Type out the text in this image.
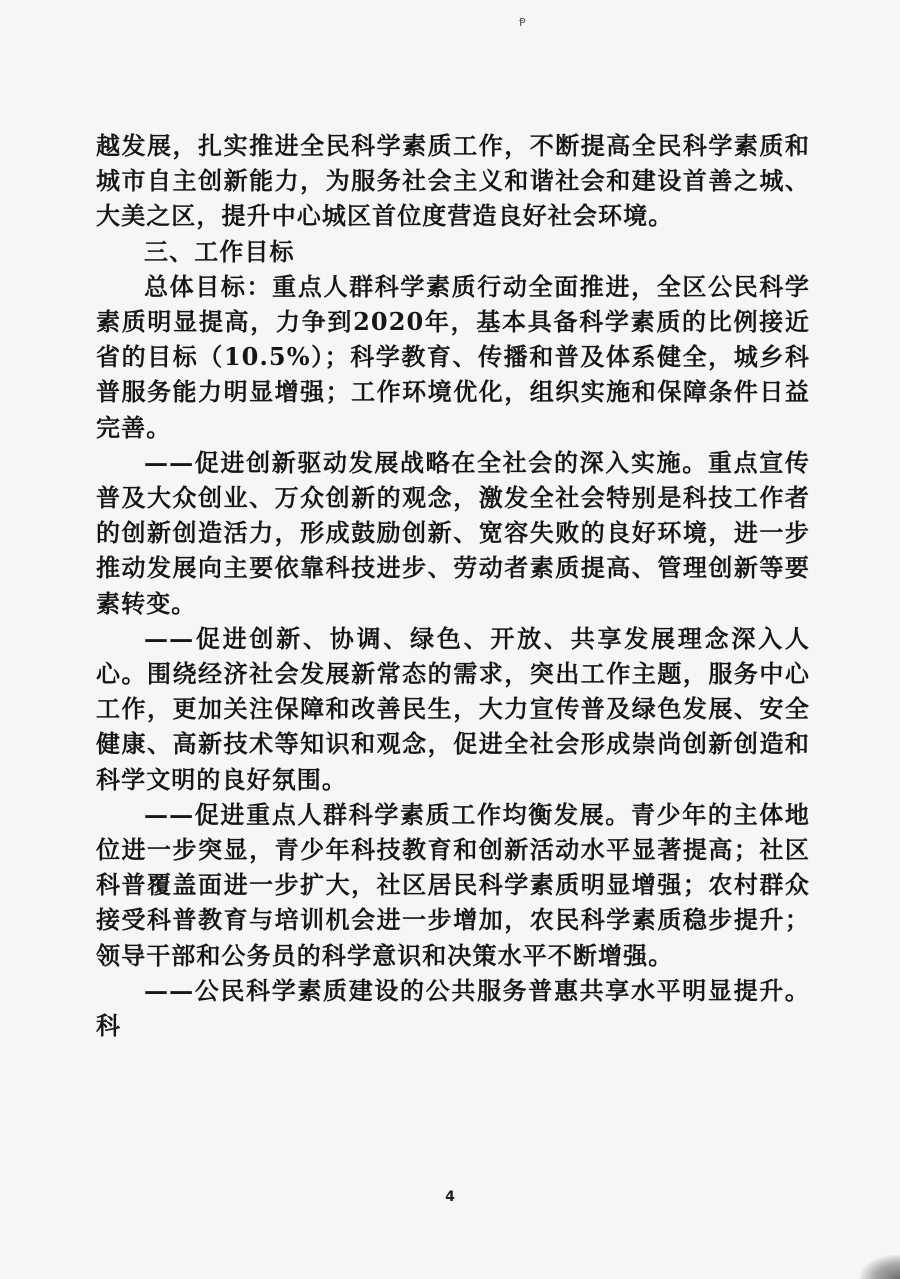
Ᵽ

越发展，扎实推进全民科学素质工作，不断提高全民科学素质和城市自主创新能力，为服务社会主义和谐社会和建设首善之城、大美之区，提升中心城区首位度营造良好社会环境。

三、工作目标

总体目标：重点人群科学素质行动全面推进，全区公民科学素质明显提高，力争到2020年，基本具备科学素质的比例接近省的目标（10.5%）；科学教育、传播和普及体系健全，城乡科普服务能力明显增强；工作环境优化，组织实施和保障条件日益完善。

——促进创新驱动发展战略在全社会的深入实施。重点宣传普及大众创业、万众创新的观念，激发全社会特别是科技工作者的创新创造活力，形成鼓励创新、宽容失败的良好环境，进一步推动发展向主要依靠科技进步、劳动者素质提高、管理创新等要素转变。

——促进创新、协调、绿色、开放、共享发展理念深入人心。围绕经济社会发展新常态的需求，突出工作主题，服务中心工作，更加关注保障和改善民生，大力宣传普及绿色发展、安全健康、高新技术等知识和观念，促进全社会形成崇尚创新创造和科学文明的良好氛围。

——促进重点人群科学素质工作均衡发展。青少年的主体地位进一步突显，青少年科技教育和创新活动水平显著提高；社区科普覆盖面进一步扩大，社区居民科学素质明显增强；农村群众接受科普教育与培训机会进一步增加，农民科学素质稳步提升；领导干部和公务员的科学意识和决策水平不断增强。

——公民科学素质建设的公共服务普惠共享水平明显提升。科

4
